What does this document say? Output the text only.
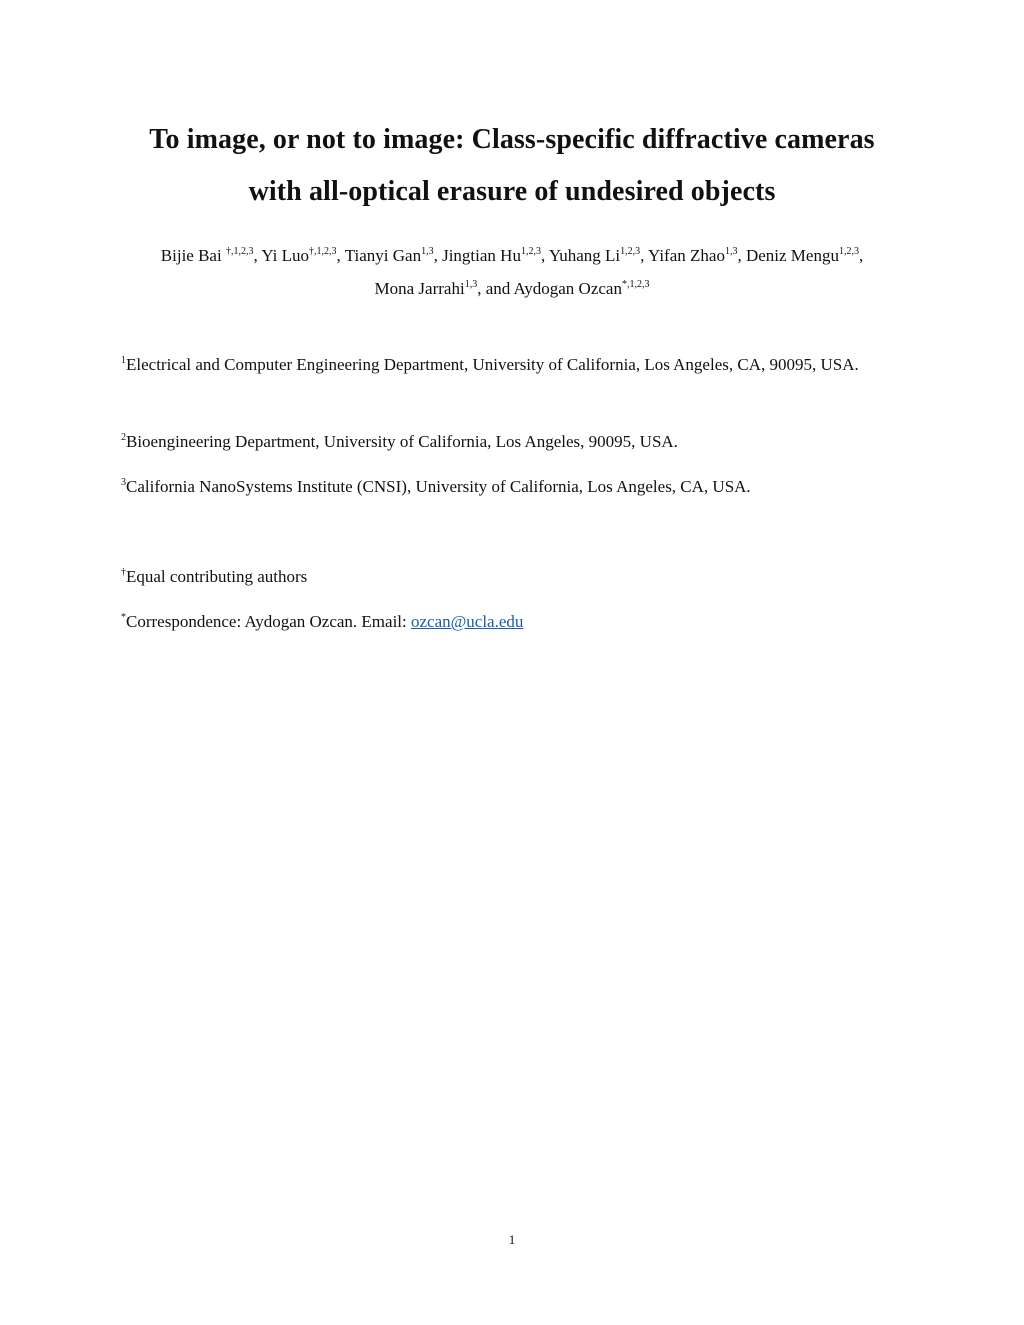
To image, or not to image: Class-specific diffractive cameras
with all-optical erasure of undesired objects
Bijie Bai $^{\dagger,1,2,3}$, Yi Luo$^{\dagger,1,2,3}$, Tianyi Gan$^{1,3}$, Jingtian Hu$^{1,2,3}$, Yuhang Li$^{1,2,3}$, Yifan Zhao$^{1,3}$, Deniz Mengu$^{1,2,3}$,
Mona Jarrahi$^{1,3}$, and Aydogan Ozcan$^{*,1,2,3}$
$^1$Electrical and Computer Engineering Department, University of California, Los Angeles, CA, 90095, USA.
$^2$Bioengineering Department, University of California, Los Angeles, 90095, USA.
$^3$California NanoSystems Institute (CNSI), University of California, Los Angeles, CA, USA.
†Equal contributing authors
*Correspondence: Aydogan Ozcan. Email: ozcan@ucla.edu
1
